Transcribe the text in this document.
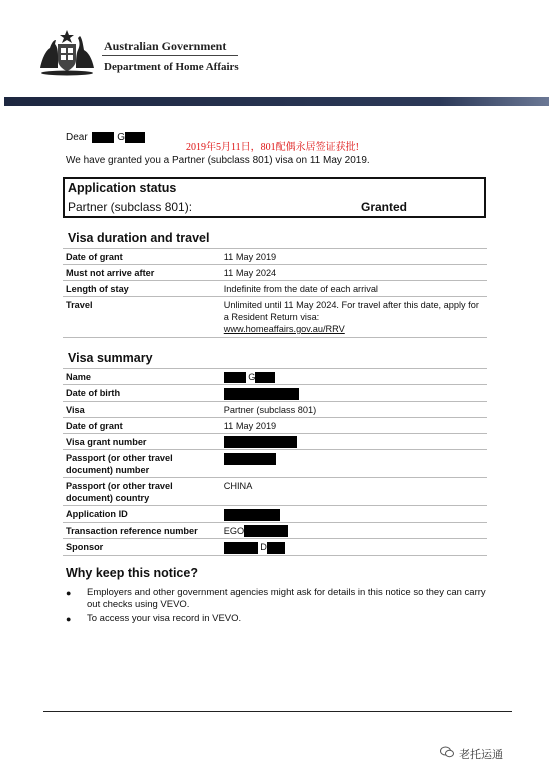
Australian Government
Department of Home Affairs
Dear	G
2019年5月11日，801配偶永居签证获批!
We have granted you a Partner (subclass 801) visa on 11 May 2019.
Application status
Partner (subclass 801):	Granted
Visa duration and travel
Date of grant	11 May 2019
Must not arrive after	11 May 2024
Length of stay	Indefinite from the date of each arrival
Travel	Unlimited until 11 May 2024. For travel after this date, apply for a Resident Return visa:
www.homeaffairs.gov.au/RRV
Visa summary
Name	G
Date of birth	
Visa	Partner (subclass 801)
Date of grant	11 May 2019
Visa grant number	
Passport (or other travel document) number	
Passport (or other travel document) country	CHINA
Application ID	
Transaction reference number	EGO
Sponsor	D
Why keep this notice?
● Employers and other government agencies might ask for details in this notice so they can carry out checks using VEVO.
● To access your visa record in VEVO.
老托运通
